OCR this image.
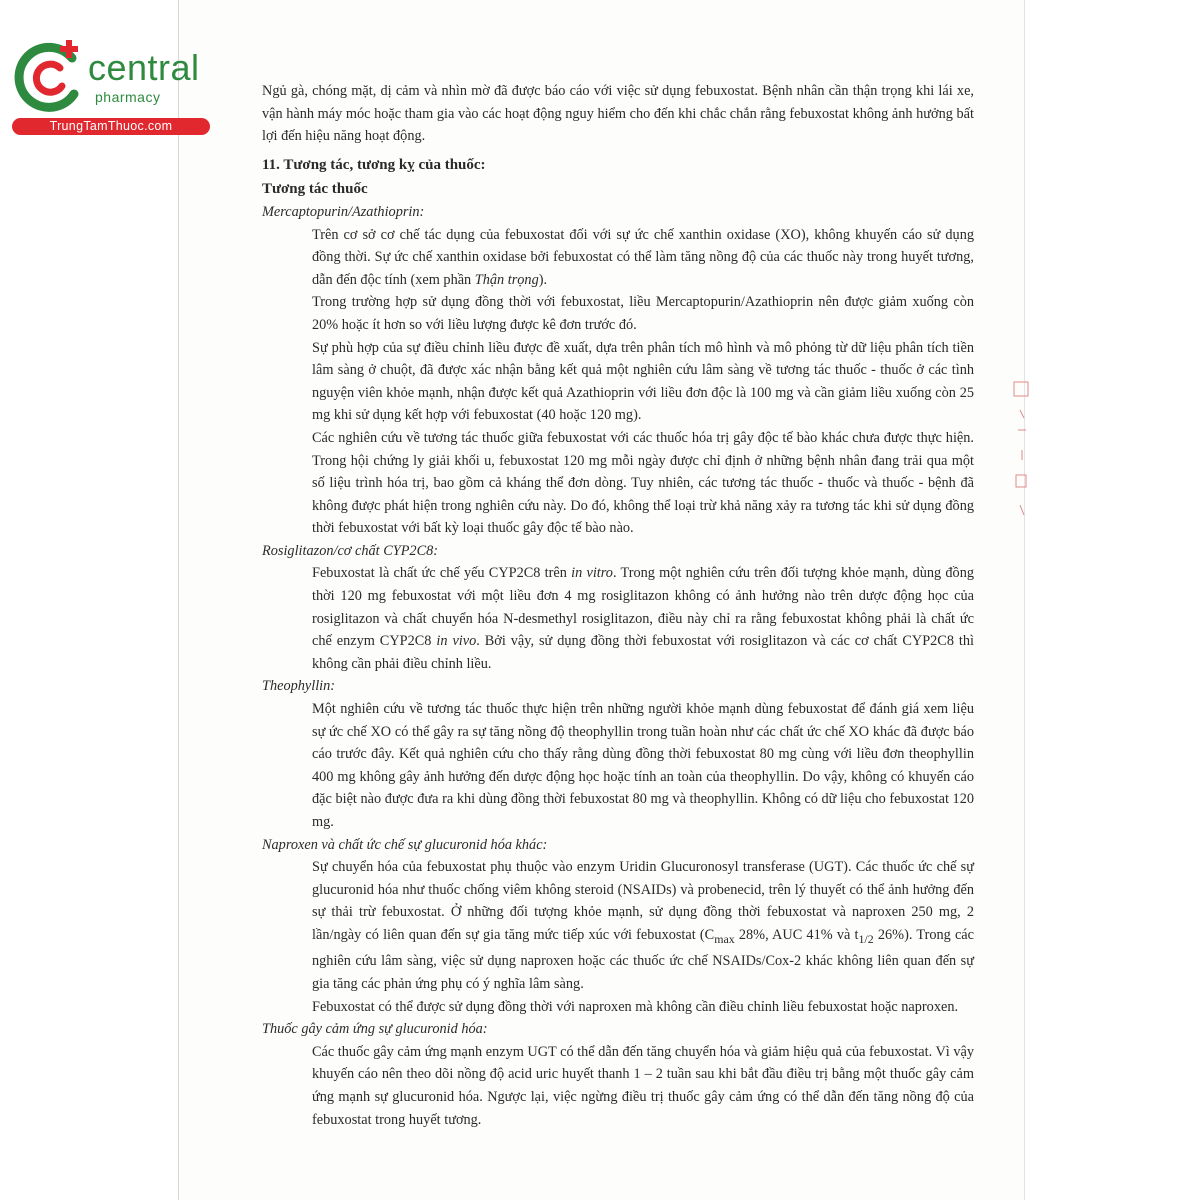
central
pharmacy
TrungTamThuoc.com

Ngủ gà, chóng mặt, dị cảm và nhìn mờ đã được báo cáo với việc sử dụng febuxostat. Bệnh nhân cần thận trọng khi lái xe, vận hành máy móc hoặc tham gia vào các hoạt động nguy hiểm cho đến khi chắc chắn rằng febuxostat không ảnh hưởng bất lợi đến hiệu năng hoạt động.

11. Tương tác, tương kỵ của thuốc:

Tương tác thuốc

Mercaptopurin/Azathioprin:

Trên cơ sở cơ chế tác dụng của febuxostat đối với sự ức chế xanthin oxidase (XO), không khuyến cáo sử dụng đồng thời. Sự ức chế xanthin oxidase bởi febuxostat có thể làm tăng nồng độ của các thuốc này trong huyết tương, dẫn đến độc tính (xem phần Thận trọng).

Trong trường hợp sử dụng đồng thời với febuxostat, liều Mercaptopurin/Azathioprin nên được giảm xuống còn 20% hoặc ít hơn so với liều lượng được kê đơn trước đó.

Sự phù hợp của sự điều chỉnh liều được đề xuất, dựa trên phân tích mô hình và mô phỏng từ dữ liệu phân tích tiền lâm sàng ở chuột, đã được xác nhận bằng kết quả một nghiên cứu lâm sàng về tương tác thuốc - thuốc ở các tình nguyện viên khỏe mạnh, nhận được kết quả Azathioprin với liều đơn độc là 100 mg và cần giảm liều xuống còn 25 mg khi sử dụng kết hợp với febuxostat (40 hoặc 120 mg).

Các nghiên cứu về tương tác thuốc giữa febuxostat với các thuốc hóa trị gây độc tế bào khác chưa được thực hiện. Trong hội chứng ly giải khối u, febuxostat 120 mg mỗi ngày được chỉ định ở những bệnh nhân đang trải qua một số liệu trình hóa trị, bao gồm cả kháng thể đơn dòng. Tuy nhiên, các tương tác thuốc - thuốc và thuốc - bệnh đã không được phát hiện trong nghiên cứu này. Do đó, không thể loại trừ khả năng xảy ra tương tác khi sử dụng đồng thời febuxostat với bất kỳ loại thuốc gây độc tế bào nào.

Rosiglitazon/cơ chất CYP2C8:

Febuxostat là chất ức chế yếu CYP2C8 trên in vitro. Trong một nghiên cứu trên đối tượng khỏe mạnh, dùng đồng thời 120 mg febuxostat với một liều đơn 4 mg rosiglitazon không có ảnh hưởng nào trên dược động học của rosiglitazon và chất chuyển hóa N-desmethyl rosiglitazon, điều này chỉ ra rằng febuxostat không phải là chất ức chế enzym CYP2C8 in vivo. Bởi vậy, sử dụng đồng thời febuxostat với rosiglitazon và các cơ chất CYP2C8 thì không cần phải điều chỉnh liều.

Theophyllin:

Một nghiên cứu về tương tác thuốc thực hiện trên những người khỏe mạnh dùng febuxostat để đánh giá xem liệu sự ức chế XO có thể gây ra sự tăng nồng độ theophyllin trong tuần hoàn như các chất ức chế XO khác đã được báo cáo trước đây. Kết quả nghiên cứu cho thấy rằng dùng đồng thời febuxostat 80 mg cùng với liều đơn theophyllin 400 mg không gây ảnh hưởng đến dược động học hoặc tính an toàn của theophyllin. Do vậy, không có khuyến cáo đặc biệt nào được đưa ra khi dùng đồng thời febuxostat 80 mg và theophyllin. Không có dữ liệu cho febuxostat 120 mg.

Naproxen và chất ức chế sự glucuronid hóa khác:

Sự chuyển hóa của febuxostat phụ thuộc vào enzym Uridin Glucuronosyl transferase (UGT). Các thuốc ức chế sự glucuronid hóa như thuốc chống viêm không steroid (NSAIDs) và probenecid, trên lý thuyết có thể ảnh hưởng đến sự thải trừ febuxostat. Ở những đối tượng khỏe mạnh, sử dụng đồng thời febuxostat và naproxen 250 mg, 2 lần/ngày có liên quan đến sự gia tăng mức tiếp xúc với febuxostat ($C_{max}$ 28%, AUC 41% và $t_{1/2}$ 26%). Trong các nghiên cứu lâm sàng, việc sử dụng naproxen hoặc các thuốc ức chế NSAIDs/Cox-2 khác không liên quan đến sự gia tăng các phản ứng phụ có ý nghĩa lâm sàng.

Febuxostat có thể được sử dụng đồng thời với naproxen mà không cần điều chỉnh liều febuxostat hoặc naproxen.

Thuốc gây cảm ứng sự glucuronid hóa:

Các thuốc gây cảm ứng mạnh enzym UGT có thể dẫn đến tăng chuyển hóa và giảm hiệu quả của febuxostat. Vì vậy khuyến cáo nên theo dõi nồng độ acid uric huyết thanh 1 – 2 tuần sau khi bắt đầu điều trị bằng một thuốc gây cảm ứng mạnh sự glucuronid hóa. Ngược lại, việc ngừng điều trị thuốc gây cảm ứng có thể dẫn đến tăng nồng độ của febuxostat trong huyết tương.
